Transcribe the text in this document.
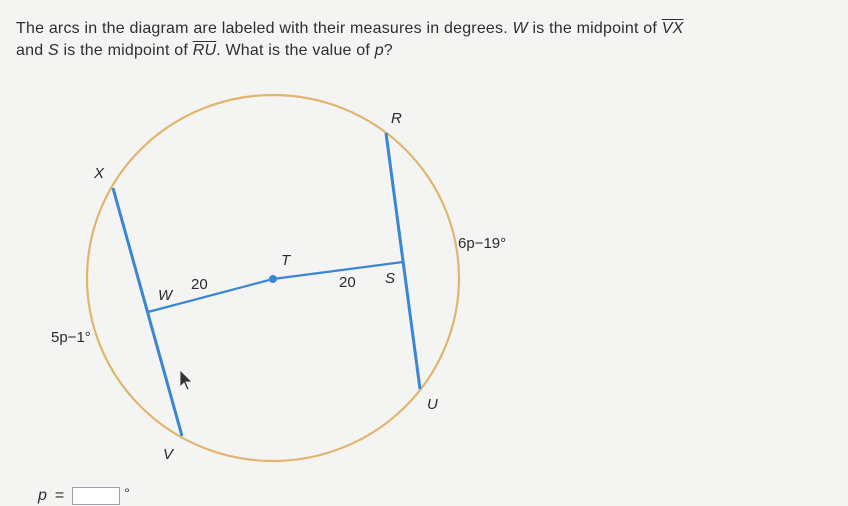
The arcs in the diagram are labeled with their measures in degrees. W is the midpoint of $\overline{VX}$
and S is the midpoint of $\overline{RU}$. What is the value of p?
R
X
T
W
S
U
V
20	20
6p−19°
5p−1°
p =	°
